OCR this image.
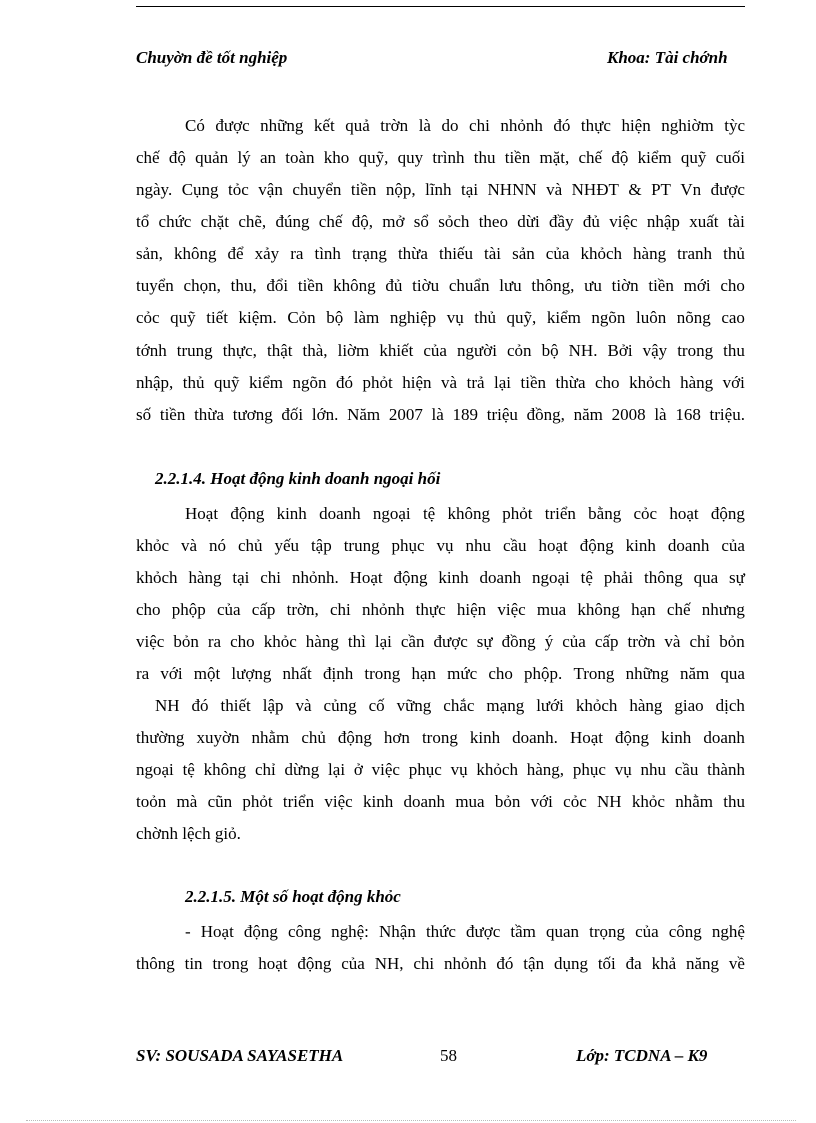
Chuyờn đề tốt nghiệp	Khoa: Tài chớnh
Có được những kết quả trờn là do chi nhỏnh đó thực hiện nghiờm tỳc
chế độ quản lý an toàn kho quỹ, quy trình thu tiền mặt, chế độ kiểm quỹ cuối
ngày. Cụng tỏc vận chuyển tiền nộp, lĩnh tại NHNN và NHĐT & PT Vn được
tổ chức chặt chẽ, đúng chế độ, mở sổ sỏch theo dừi đầy đủ việc nhập xuất tài
sản, không để xảy ra tình trạng thừa thiếu tài sản của khỏch hàng tranh thủ
tuyển chọn, thu, đổi tiền không đủ tiờu chuẩn lưu thông, ưu tiờn tiền mới cho
cỏc quỹ tiết kiệm. Cỏn bộ làm nghiệp vụ thủ quỹ, kiểm ngõn luôn nõng cao
tớnh trung thực, thật thà, liờm khiết của người cỏn bộ NH. Bởi vậy trong thu
nhập, thủ quỹ kiểm ngõn đó phỏt hiện và trả lại tiền thừa cho khỏch hàng với
số tiền thừa tương đối lớn. Năm 2007 là 189 triệu đồng, năm 2008 là 168 triệu.
2.2.1.4. Hoạt động kinh doanh ngoại hối
Hoạt động kinh doanh ngoại tệ không phỏt triển bằng cỏc hoạt động
khỏc và nó chủ yếu tập trung phục vụ nhu cầu hoạt động kinh doanh của
khỏch hàng tại chi nhỏnh. Hoạt động kinh doanh ngoại tệ phải thông qua sự
cho phộp của cấp trờn, chi nhỏnh thực hiện việc mua không hạn chế nhưng
việc bỏn ra cho khỏc hàng thì lại cần được sự đồng ý của cấp trờn và chỉ bỏn
ra với một lượng nhất định trong hạn mức cho phộp. Trong những năm qua
NH đó thiết lập và củng cố vững chắc mạng lưới khỏch hàng giao dịch
thường xuyờn nhằm chủ động hơn trong kinh doanh. Hoạt động kinh doanh
ngoại tệ không chỉ dừng lại ở việc phục vụ khỏch hàng, phục vụ nhu cầu thành
toỏn mà cũn phỏt triển việc kinh doanh mua bỏn với cỏc NH khỏc nhằm thu
chờnh lệch giỏ.
2.2.1.5. Một số hoạt động khỏc
- Hoạt động công nghệ: Nhận thức được tầm quan trọng của công nghệ
thông tin trong hoạt động của NH, chi nhỏnh đó tận dụng tối đa khả năng về
SV: SOUSADA SAYASETHA	58	Lớp: TCDNA – K9
